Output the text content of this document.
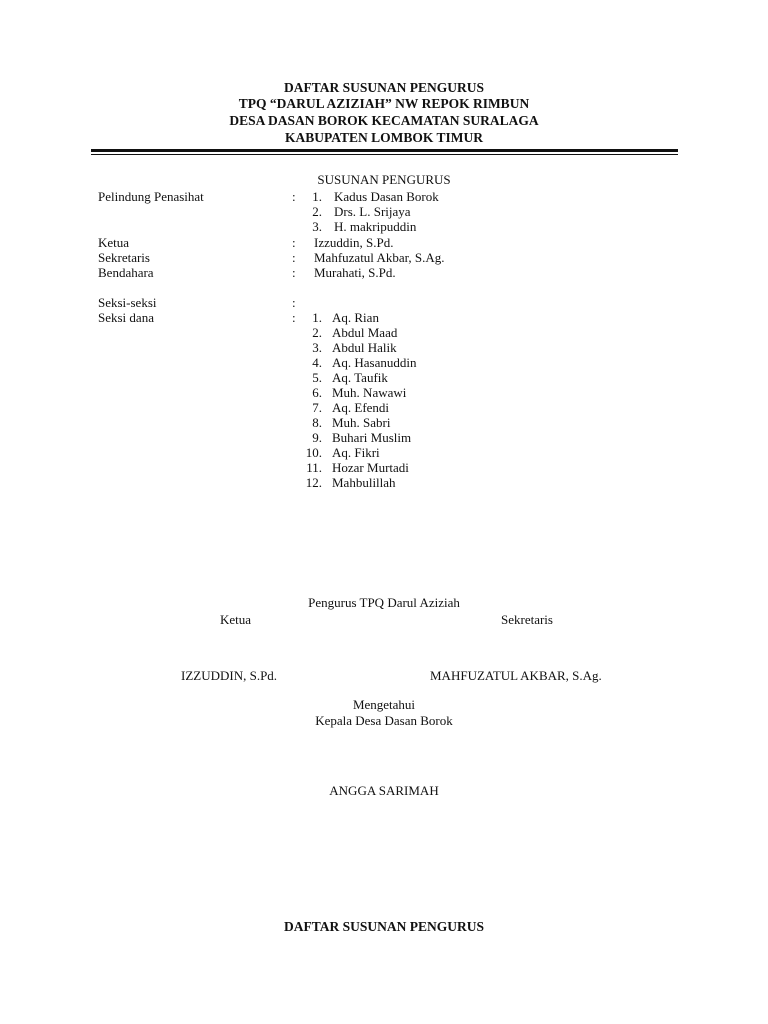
DAFTAR SUSUNAN PENGURUS
TPQ “DARUL AZIZIAH” NW REPOK RIMBUN
DESA DASAN BOROK KECAMATAN SURALAGA
KABUPATEN LOMBOK TIMUR
SUSUNAN PENGURUS
Pelindung Penasihat	:	1. Kadus Dasan Borok
2. Drs. L. Srijaya
3. H. makripuddin
Ketua	: Izzuddin, S.Pd.
Sekretaris	: Mahfuzatul Akbar, S.Ag.
Bendahara	: Murahati, S.Pd.
Seksi-seksi	:
Seksi dana	:	1. Aq. Rian
2. Abdul Maad
3. Abdul Halik
4. Aq. Hasanuddin
5. Aq. Taufik
6. Muh. Nawawi
7. Aq. Efendi
8. Muh. Sabri
9. Buhari Muslim
10. Aq. Fikri
11. Hozar Murtadi
12. Mahbulillah
Pengurus TPQ Darul Aziziah
Ketua	Sekretaris
IZZUDDIN, S.Pd.	MAHFUZATUL AKBAR, S.Ag.
Mengetahui
Kepala Desa Dasan Borok
ANGGA SARIMAH
DAFTAR SUSUNAN PENGURUS
